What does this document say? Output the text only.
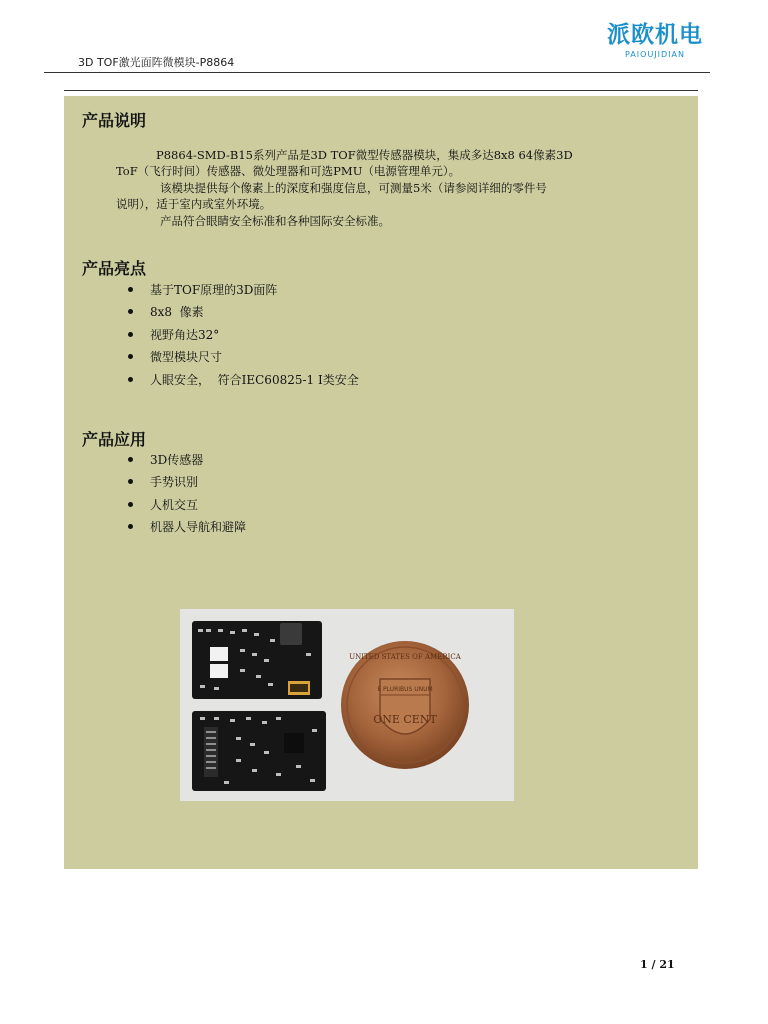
3D TOF激光面阵微模块-P8864
派欧机电
PAIOUJIDIAN
产品说明
P8864-SMD-B15系列产品是3D TOF微型传感器模块，集成多达8x8 64像素3D
ToF（飞行时间）传感器、微处理器和可选PMU（电源管理单元）。
该模块提供每个像素上的深度和强度信息，可测量5米（请参阅详细的零件号
说明），适于室内或室外环境。
产品符合眼睛安全标准和各种国际安全标准。
产品亮点
基于TOF原理的3D面阵
8x8  像素
视野角达32°
微型模块尺寸
人眼安全，  符合IEC60825-1 I类安全
产品应用
3D传感器
手势识别
人机交互
机器人导航和避障
E PLURIBUS UNUM
ONE CENT
UNITED STATES OF AMERICA
1 / 21
